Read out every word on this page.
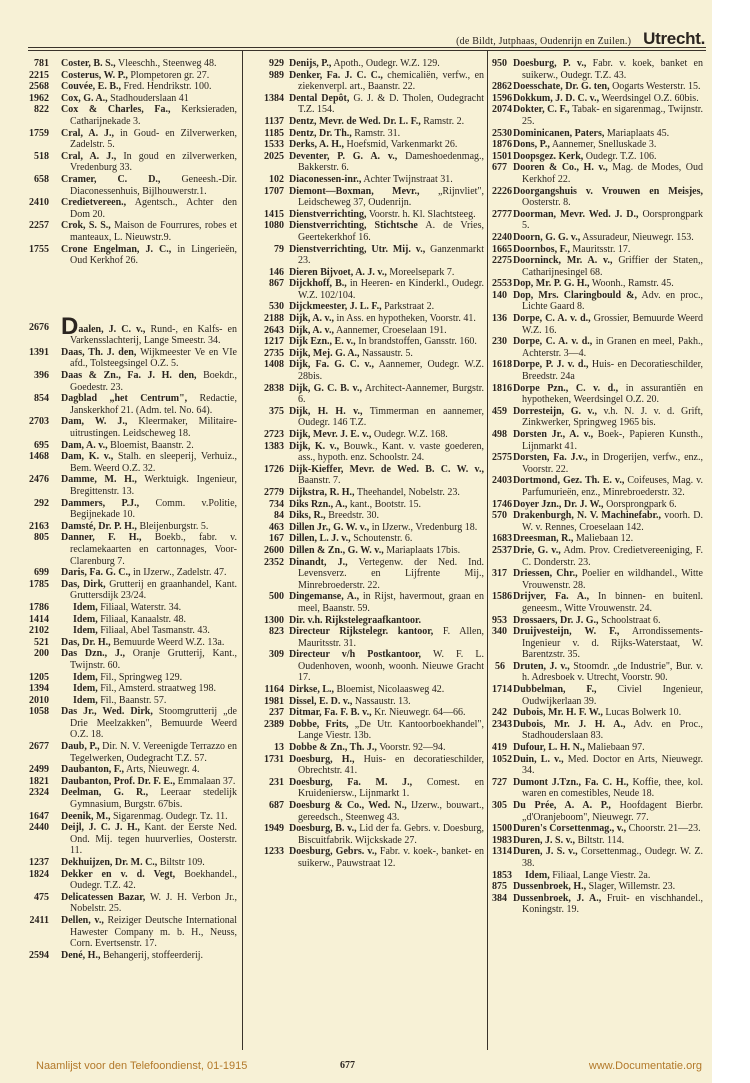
(de Bildt, Jutphaas, Oudenrijn en Zuilen.) Utrecht.
781 Coster, B. S., Vleeschh., Steenweg 48.
2215 Costerus, W. P., Plompetoren gr. 27.
2568 Couvée, E. B., Fred. Hendrikstr. 100.
1962 Cox, G. A., Stadhouderslaan 41
822 Cox & Charles, Fa., Kerksieraden, Catharijnekade 3.
1759 Cral, A. J., in Goud- en Zilverwerken, Zadelstr. 5.
518 Cral, A. J., In goud en zilverwerken, Vredenburg 33.
658 Cramer, C. D., Geneesh.-Dir. Diaconessenhuis, Bijlhouwerstr.1.
2410 Credietvereen., Agentsch., Achter den Dom 20.
2257 Crok, S. S., Maison de Fourrures, robes et manteaux, L. Nieuwstr.9.
1755 Crone Engelman, J. C., in Lingerieën, Oud Kerkhof 26.
2676 Daalen, J. C. v., Rund-, en Kalfs- en Varkensslachterij, Lange Smeestr. 34.
1391 Daas, Th. J. den, Wijkmeester Ve en VIe afd., Tolsteegsingel O.Z. 5.
396 Daas & Zn., Fa. J. H. den, Boekdr., Goedestr. 23.
854 Dagblad „het Centrum", Redactie, Janskerkhof 21. (Adm. tel. No. 64).
2703 Dam, W. J., Kleermaker, Militaire-uitrustingen. Leidscheweg 18.
695 Dam, A. v., Bloemist, Baanstr. 2.
1468 Dam, K. v., Stalh. en sleeperij, Verhuiz., Bem. Weerd O.Z. 32.
2476 Damme, M. H., Werktuigk. Ingenieur, Bregittenstr. 13.
292 Dammers, P.J., Comm. v.Politie, Begijnekade 10.
2163 Damsté, Dr. P. H., Bleijenburgstr. 5.
805 Danner, F. H., Boekb., fabr. v. reclamekaarten en cartonnages, Voor-Clarenburg 7.
699 Daris, Fa. G. C., in IJzerw., Zadelstr. 47.
1785 Das, Dirk, Grutterij en graanhandel, Kant. Gruttersdijk 23/24.
1786	Idem, Filiaal, Waterstr. 34.
1414	Idem, Filiaal, Kanaalstr. 48.
2102	Idem, Filiaal, Abel Tasmanstr. 43.
521 Das, Dr. H., Bemuurde Weerd W.Z. 13a.
200 Das Dzn., J., Oranje Grutterij, Kant., Twijnstr. 60.
1205	Idem, Fil., Springweg 129.
1394	Idem, Fil., Amsterd. straatweg 198.
2010	Idem, Fil., Baanstr. 57.
1058 Das Jr., Wed. Dirk, Stoomgrutterij „de Drie Meelzakken", Bemuurde Weerd O.Z. 18.
2677 Daub, P., Dir. N. V. Vereenigde Terrazzo en Tegelwerken, Oudegracht T.Z. 57.
2499 Daubanton, F., Arts, Nieuwegr. 4.
1821 Daubanton, Prof. Dr. F. E., Emmalaan 37.
2324 Deelman, G. R., Leeraar stedelijk Gymnasium, Burgstr. 67bis.
1647 Deenik, M., Sigarenmag. Oudegr. Tz. 11.
2440 Deijl, J. C. J. H., Kant. der Eerste Ned. Ond. Mij. tegen huurverlies, Oosterstr. 11.
1237 Dekhuijzen, Dr. M. C., Biltstr 109.
1824 Dekker en v. d. Vegt, Boekhandel., Oudegr. T.Z. 42.
475 Delicatessen Bazar, W. J. H. Verbon Jr., Nobelstr. 25.
2411 Dellen, v., Reiziger Deutsche International Hawester Company m. b. H., Neuss, Corn. Evertsenstr. 17.
2594 Dené, H., Behangerij, stoffeerderij.
929 Denijs, P., Apoth., Oudegr. W.Z. 129.
989 Denker, Fa. J. C. C., chemicaliën, verfw., en ziekenverpl. art., Baanstr. 22.
1384 Dental Depôt, G. J. & D. Tholen, Oudegracht T.Z. 154.
1137 Dentz, Mevr. de Wed. Dr. L. F., Ramstr. 2.
1185 Dentz, Dr. Th., Ramstr. 31.
1533 Derks, A. H., Hoefsmid, Varkenmarkt 26.
2025 Deventer, P. G. A. v., Dameshoedenmag., Bakkerstr. 6.
102 Diaconessen-inr., Achter Twijnstraat 31.
1707 Diemont—Boxman, Mevr., „Rijnvliet", Leidscheweg 37, Oudenrijn.
1415 Dienstverrichting, Voorstr. h. Kl. Slachtsteeg.
1080 Dienstverrichting, Stichtsche A. de Vries, Geertekerkhof 16.
79 Dienstverrichting, Utr. Mij. v., Ganzenmarkt 23.
146 Dieren Bijvoet, A. J. v., Moreelsepark 7.
867 Dijckhoff, B., in Heeren- en Kinderkl., Oudegr. W.Z. 102/104.
530 Dijckmeester, J. L. F., Parkstraat 2.
2188 Dijk, A. v., in Ass. en hypotheken, Voorstr. 41.
2643 Dijk, A. v., Aannemer, Croeselaan 191.
1217 Dijk Ezn., E. v., In brandstoffen, Gansstr. 160.
2735 Dijk, Mej. G. A., Nassaustr. 5.
1408 Dijk, Fa. G. C. v., Aannemer, Oudegr. W.Z. 28bis.
2838 Dijk, G. C. B. v., Architect-Aannemer, Burgstr. 6.
375 Dijk, H. H. v., Timmerman en aannemer, Oudegr. 146 T.Z.
2723 Dijk, Mevr. J. E. v., Oudegr. W.Z. 168.
1383 Dijk, K. v., Bouwk., Kant. v. vaste goederen, ass., hypoth. enz. Schoolstr. 24.
1726 Dijk-Kieffer, Mevr. de Wed. B. C. W. v., Baanstr. 7.
2779 Dijkstra, R. H., Theehandel, Nobelstr. 23.
734 Diks Rzn., A., kant., Bootstr. 15.
84 Diks, R., Breedstr. 30.
463 Dillen Jr., G. W. v., in IJzerw., Vredenburg 18.
167 Dillen, L. J. v., Schoutenstr. 6.
2600 Dillen & Zn., G. W. v., Mariaplaats 17bis.
2352 Dinandt, J., Vertegenw. der Ned. Ind. Levensverz. en Lijfrente Mij., Minrebroederstr. 22.
500 Dingemanse, A., in Rijst, havermout, graan en meel, Baanstr. 59.
1300 Dir. v.h. Rijkstelegraafkantoor.
823 Directeur Rijkstelegr. kantoor, F. Allen, Mauritsstr. 31.
309 Directeur v/h Postkantoor, W. F. L. Oudenhoven, woonh, woonh. Nieuwe Gracht 17.
1164 Dirkse, L., Bloemist, Nicolaasweg 42.
1981 Dissel, E. D. v., Nassaustr. 13.
237 Ditmar, Fa. F. B. v., Kr. Nieuwegr. 64—66.
2389 Dobbe, Frits, „De Utr. Kantoorboekhandel", Lange Viestr. 13b.
13 Dobbe & Zn., Th. J., Voorstr. 92—94.
1731 Doesburg, H., Huis- en decoratieschilder, Obrechtstr. 41.
231 Doesburg, Fa. M. J., Comest. en Kruideniersw., Lijnmarkt 1.
687 Doesburg & Co., Wed. N., IJzerw., bouwart., gereedsch., Steenweg 43.
1949 Doesburg, B. v., Lid der fa. Gebrs. v. Doesburg, Biscuitfabrik. Wijckskade 27.
1233 Doesburg, Gebrs. v., Fabr. v. koek-, banket- en suikerw., Pauwstraat 12.
950 Doesburg, P. v., Fabr. v. koek, banket en suikerw., Oudegr. T.Z. 43.
2862 Doesschate, Dr. G. ten, Oogarts Westerstr. 15.
1596 Dokkum, J. D. C. v., Weerdsingel O.Z. 60bis.
2074 Dokter, C. F., Tabak- en sigarenmag., Twijnstr. 25.
2530 Dominicanen, Paters, Mariaplaats 45.
1876 Dons, P., Aannemer, Snelluskade 3.
1501 Doopsgez. Kerk, Oudegr. T.Z. 106.
677 Dooren & Co., H. v., Mag. de Modes, Oud Kerkhof 22.
2226 Doorgangshuis v. Vrouwen en Meisjes, Oosterstr. 8.
2777 Doorman, Mevr. Wed. J. D., Oorsprongpark 5.
2240 Doorn, G. G. v., Assuradeur, Nieuwegr. 153.
1665 Doornbos, F., Mauritsstr. 17.
2275 Doorninck, Mr. A. v., Griffier der Staten,, Catharijnesingel 68.
2553 Dop, Mr. P. G. H., Woonh., Ramstr. 45.
140 Dop, Mrs. Claringbould &, Adv. en proc., Lichte Gaard 8.
136 Dorpe, C. A. v. d., Grossier, Bemuurde Weerd W.Z. 16.
230 Dorpe, C. A. v. d., in Granen en meel, Pakh., Achterstr. 3—4.
1618 Dorpe, P. J. v. d., Huis- en Decoratieschilder, Breedstr. 24a
1816 Dorpe Pzn., C. v. d., in assurantiën en hypotheken, Weerdsingel O.Z. 20.
459 Dorresteijn, G. v., v.h. N. J. v. d. Grift, Zinkwerker, Springweg 1965 bis.
498 Dorsten Jr., A. v., Boek-, Papieren Kunsth., Lijnmarkt 41.
2575 Dorsten, Fa. J.v., in Drogerijen, verfw., enz., Voorstr. 22.
2403 Dortmond, Gez. Th. E. v., Coifeuses, Mag. v. Parfumurieën, enz., Minrebroederstr. 32.
1746 Doyer Jzn., Dr. J. W., Oorsprongpark 6.
570 Drakenburgh, N. V. Machinefabr., voorh. D. W. v. Rennes, Croeselaan 142.
1683 Dreesman, R., Maliebaan 12.
2537 Drie, G. v., Adm. Prov. Credietvereeniging, F. C. Donderstr. 23.
317 Driessen, Chr., Poelier en wildhandel., Witte Vrouwenstr. 28.
1586 Drijver, Fa. A., In binnen- en buitenl. geneesm., Witte Vrouwenstr. 24.
953 Drossaers, Dr. J. G., Schoolstraat 6.
340 Druijvesteijn, W. F., Arrondissements-Ingenieur v. d. Rijks-Waterstaat, W. Barentzstr. 35.
56 Druten, J. v., Stoomdr. „de Industrie", Bur. v. h. Adresboek v. Utrecht, Voorstr. 90.
1714 Dubbelman, F., Civiel Ingenieur, Oudwijkerlaan 39.
242 Dubois, Mr. H. F. W., Lucas Bolwerk 10.
2343 Dubois, Mr. J. H. A., Adv. en Proc., Stadhouderslaan 83.
419 Dufour, L. H. N., Maliebaan 97.
1052 Duin, L. v., Med. Doctor en Arts, Nieuwegr. 34.
727 Dumont J.Tzn., Fa. C. H., Koffie, thee, kol. waren en comestibles, Neude 18.
305 Du Prée, A. A. P., Hoofdagent Bierbr. „d'Oranjeboom", Nieuwegr. 77.
1500 Duren's Corsettenmag., v., Choorstr. 21—23.
1983 Duren, J. S. v., Biltstr. 114.
1314 Duren, J. S. v., Corsettenmag., Oudegr. W. Z. 38.
1853	Idem, Filiaal, Lange Viestr. 2a.
875 Dussenbroek, H., Slager, Willemstr. 23.
384 Dussenbroek, J. A., Fruit- en vischhandel., Koningstr. 19.
Naamlijst voor den Telefoondienst, 01-1915	677	www.Documentatie.org
